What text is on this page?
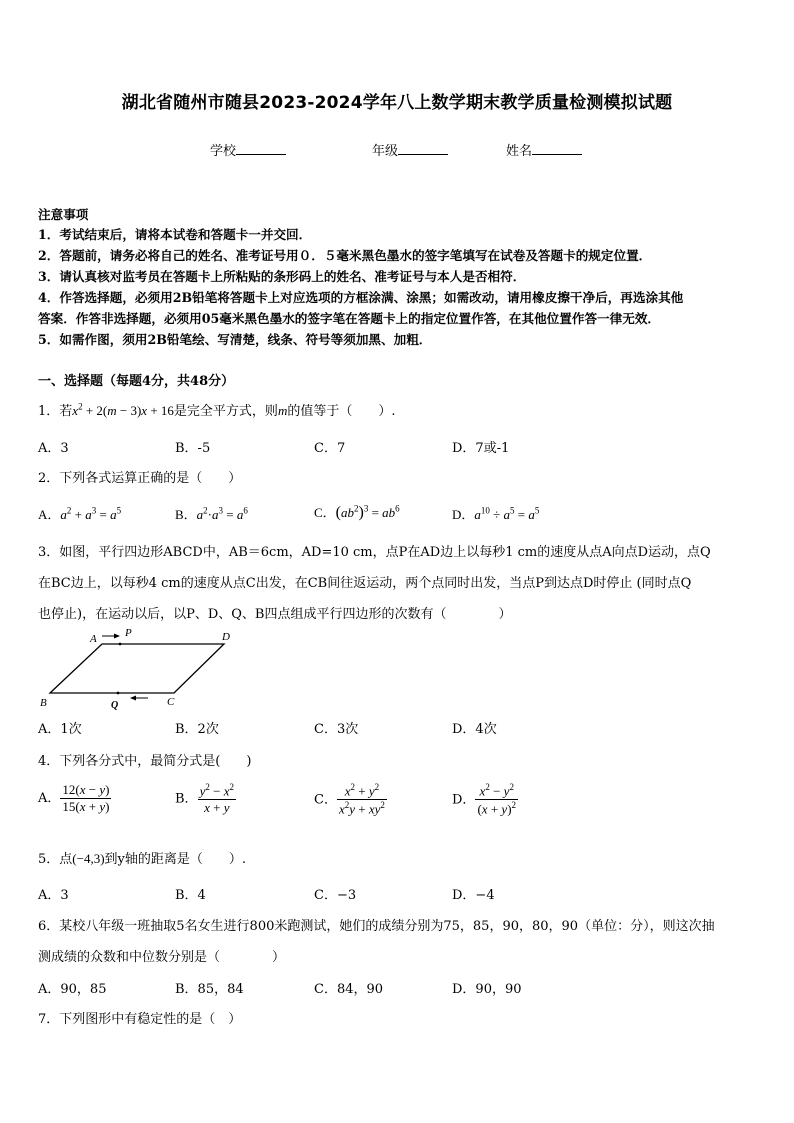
湖北省随州市随县2023-2024学年八上数学期末教学质量检测模拟试题
学校	年级	姓名
注意事项
1．考试结束后，请将本试卷和答题卡一并交回．
2．答题前，请务必将自己的姓名、准考证号用０．５毫米黑色墨水的签字笔填写在试卷及答题卡的规定位置．
3．请认真核对监考员在答题卡上所粘贴的条形码上的姓名、准考证号与本人是否相符．
4．作答选择题，必须用2B铅笔将答题卡上对应选项的方框涂满、涂黑；如需改动，请用橡皮擦干净后，再选涂其他
答案．作答非选择题，必须用05毫米黑色墨水的签字笔在答题卡上的指定位置作答，在其他位置作答一律无效．
5．如需作图，须用2B铅笔绘、写清楚，线条、符号等须加黑、加粗．
一、选择题（每题4分，共48分）
1．若$x^2 + 2(m - 3)x + 16$是完全平方式，则m的值等于（　　）.
A．3	B．-5	C．7	D．7或-1
2．下列各式运算正确的是（　　）
A．$a^2 + a^3 = a^5$	B．$a^2\cdot a^3 = a^6$	C．$(ab^2)^3 = ab^6$	D．$a^{10} \div a^5 = a^5$
3．如图，平行四边形ABCD中，AB＝6cm，AD=10 cm，点P在AD边上以每秒1 cm的速度从点A向点D运动，点Q
在BC边上，以每秒4 cm的速度从点C出发，在CB间往返运动，两个点同时出发，当点P到达点D时停止 (同时点Q
也停止)，在运动以后，以P、D、Q、B四点组成平行四边形的次数有（　　　　）
A	P	D
B	Q	C
A．1次	B．2次	C．3次	D．4次
4．下列各分式中，最简分式是(　　)
A． $\frac{12(x - y)}{15(x + y)}$	B． $\frac{y^2 - x^2}{x + y}$	C． $\frac{x^2 + y^2}{x^2y + xy^2}$	D． $\frac{x^2 - y^2}{(x + y)^2}$
5．点(−4,3)到y轴的距离是（　　）.
A．3	B．4	C．−3	D．−4
6．某校八年级一班抽取5名女生进行800米跑测试，她们的成绩分别为75，85，90，80，90（单位：分），则这次抽
测成绩的众数和中位数分别是（　　　　）
A．90，85	B．85，84	C．84，90	D．90，90
7．下列图形中有稳定性的是（　）
